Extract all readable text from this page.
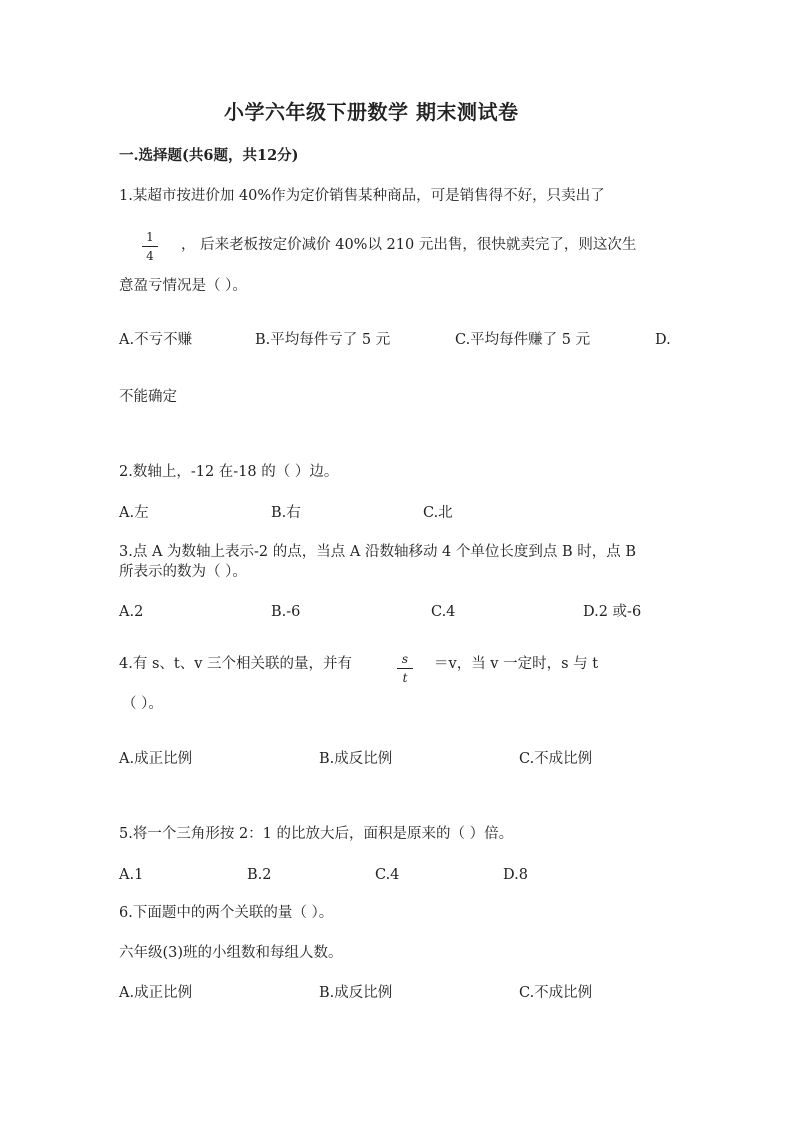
小学六年级下册数学 期末测试卷
一.选择题(共6题，共12分)
1.某超市按进价加 40%作为定价销售某种商品，可是销售得不好，只卖出了
1
4
， 后来老板按定价减价 40%以 210 元出售，很快就卖完了，则这次生
意盈亏情况是（ ）。
A.不亏不赚	B.平均每件亏了 5 元	C.平均每件赚了 5 元	D.
不能确定
2.数轴上，-12 在-18 的（ ）边。
A.左	B.右	C.北
3.点 A 为数轴上表示-2 的点，当点 A 沿数轴移动 4 个单位长度到点 B 时，点 B
所表示的数为（ ）。
A.2	B.-6	C.4	D.2 或-6
4.有 s、t、v 三个相关联的量，并有	s
t
＝v，当 v 一定时，s 与 t
（ ）。
A.成正比例	B.成反比例	C.不成比例
5.将一个三角形按 2：1 的比放大后，面积是原来的（ ）倍。
A.1	B.2	C.4	D.8
6.下面题中的两个关联的量（ ）。
六年级(3)班的小组数和每组人数。
A.成正比例	B.成反比例	C.不成比例
